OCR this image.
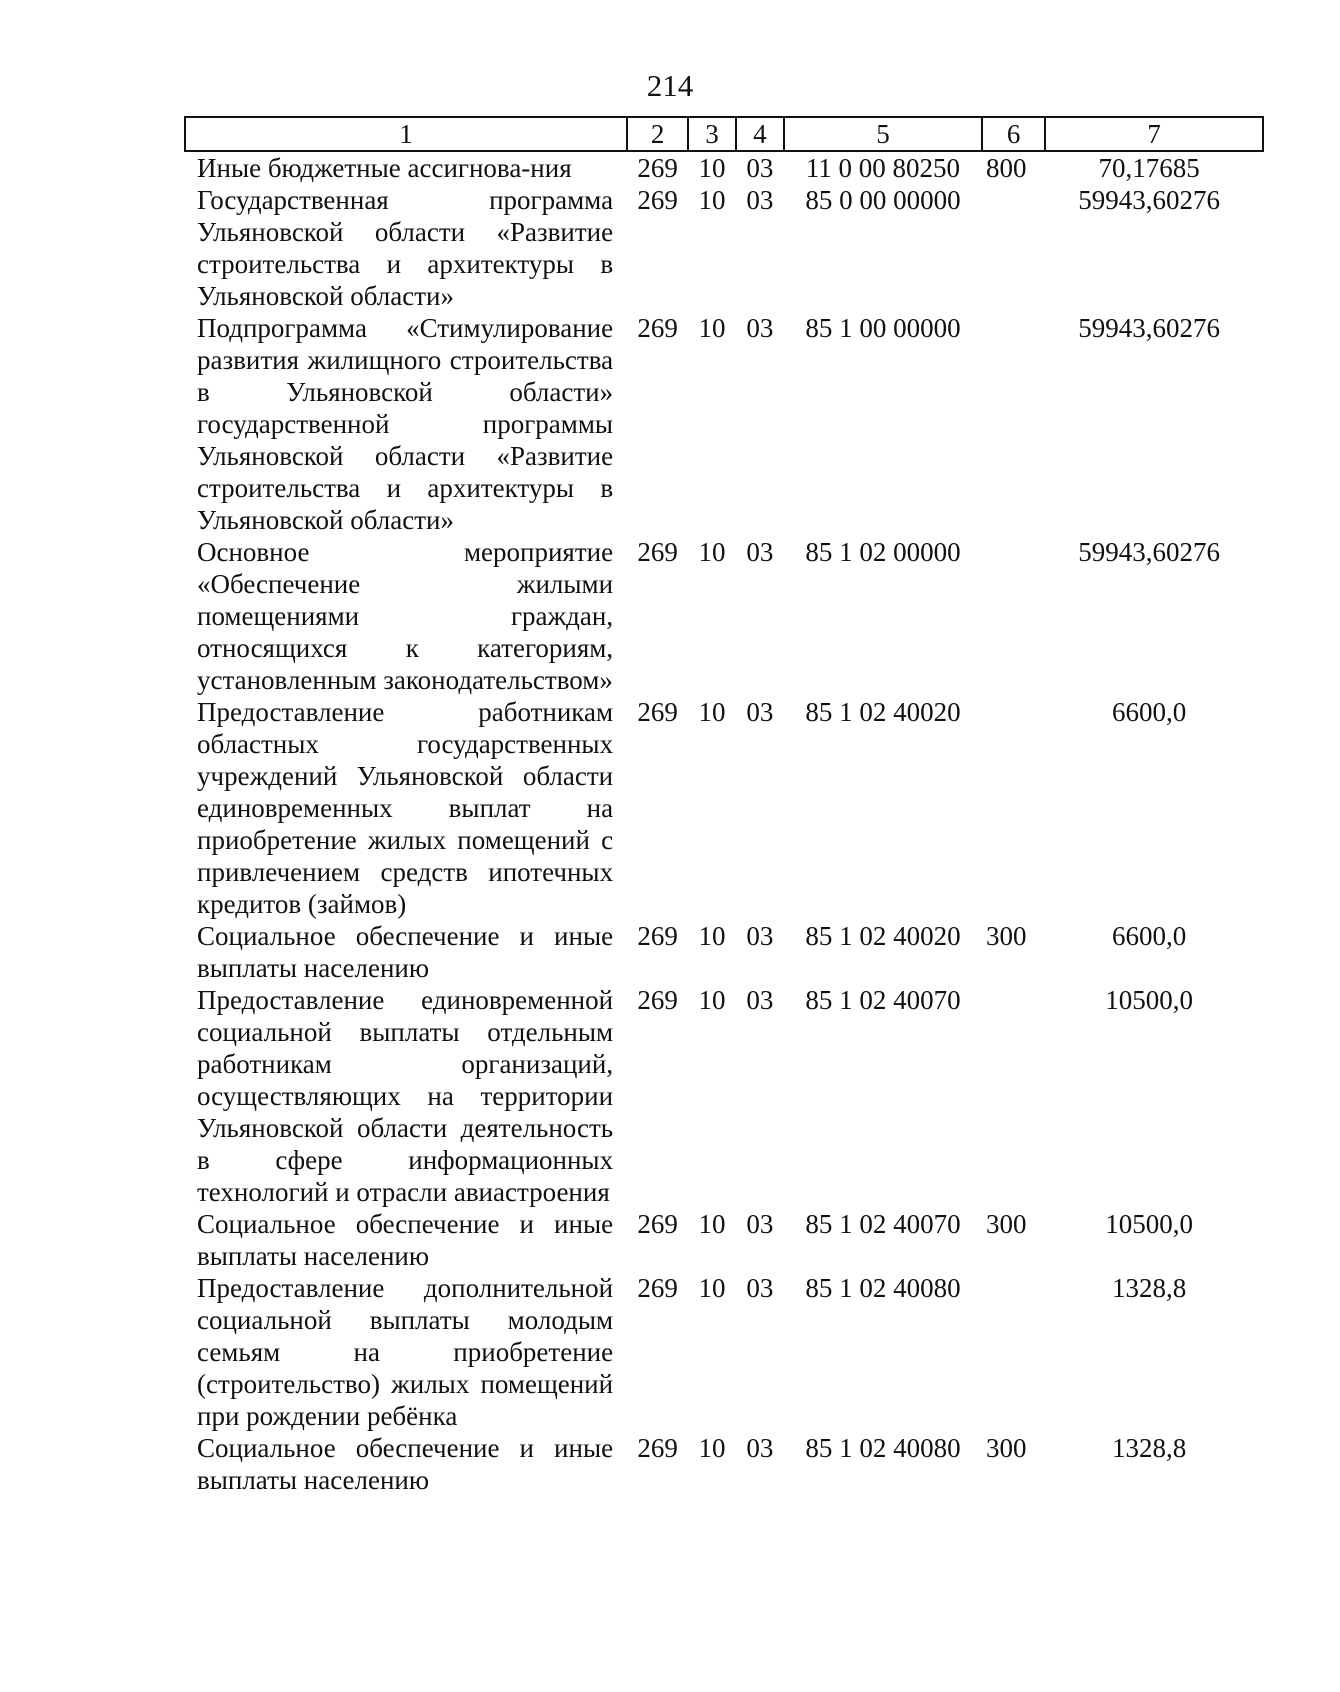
214
1	2	3	4	5	6	7
Иные бюджетные ассигнова-ния	269	10	03	11 0 00 80250	800	70,17685
Государственная программа Ульяновской области «Развитие строительства и архитектуры в Ульяновской области»	269	10	03	85 0 00 00000		59943,60276
Подпрограмма «Стимулирование развития жилищного строительства в Ульяновской области» государственной программы Ульяновской области «Развитие строительства и архитектуры в Ульяновской области»	269	10	03	85 1 00 00000		59943,60276
Основное мероприятие «Обеспечение жилыми помещениями граждан, относящихся к категориям, установленным законодательством»	269	10	03	85 1 02 00000		59943,60276
Предоставление работникам областных государственных учреждений Ульяновской области единовременных выплат на приобретение жилых помещений с привлечением средств ипотечных кредитов (займов)	269	10	03	85 1 02 40020		6600,0
Социальное обеспечение и иные выплаты населению	269	10	03	85 1 02 40020	300	6600,0
Предоставление единовременной социальной выплаты отдельным работникам организаций, осуществляющих на территории Ульяновской области деятельность в сфере информационных технологий и отрасли авиастроения	269	10	03	85 1 02 40070		10500,0
Социальное обеспечение и иные выплаты населению	269	10	03	85 1 02 40070	300	10500,0
Предоставление дополнительной социальной выплаты молодым семьям на приобретение (строительство) жилых помещений при рождении ребёнка	269	10	03	85 1 02 40080		1328,8
Социальное обеспечение и иные выплаты населению	269	10	03	85 1 02 40080	300	1328,8
